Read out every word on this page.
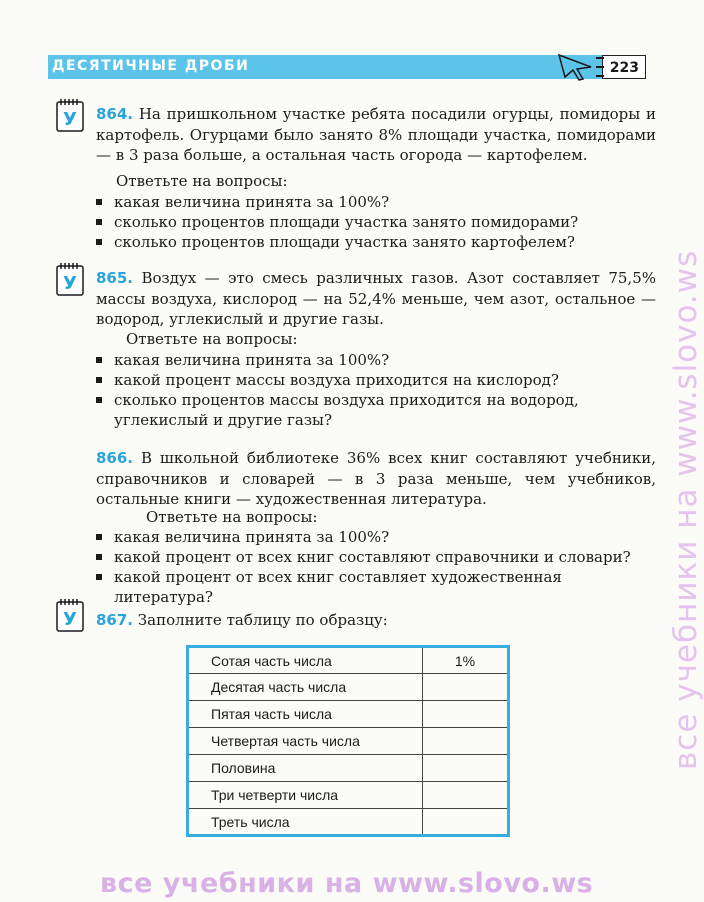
ДЕСЯТИЧНЫЕ ДРОБИ	223
У
У
У
864. На пришкольном участке ребята посадили огурцы, помидоры и картофель. Огурцами было занято 8% площади участка, помидорами — в 3 раза больше, а остальная часть огорода — картофелем.
Ответьте на вопросы:
какая величина принята за 100%?
сколько процентов площади участка занято помидорами?
сколько процентов площади участка занято картофелем?
865. Воздух — это смесь различных газов. Азот составляет 75,5% массы воздуха, кислород — на 52,4% меньше, чем азот, остальное — водород, углекислый и другие газы.
Ответьте на вопросы:
какая величина принята за 100%?
какой процент массы воздуха приходится на кислород?
сколько процентов массы воздуха приходится на водород, углекислый и другие газы?
866. В школьной библиотеке 36% всех книг составляют учебники, справочников и словарей — в 3 раза меньше, чем учебников, остальные книги — художественная литература.
Ответьте на вопросы:
какая величина принята за 100%?
какой процент от всех книг составляют справочники и словари?
какой процент от всех книг составляет художественная литература?
867. Заполните таблицу по образцу:
Сотая часть числа	1%
Десятая часть числа	
Пятая часть числа	
Четвертая часть числа	
Половина	
Три четверти числа	
Треть числа	
все учебники на www.slovo.ws
все учебники на www.slovo.ws
